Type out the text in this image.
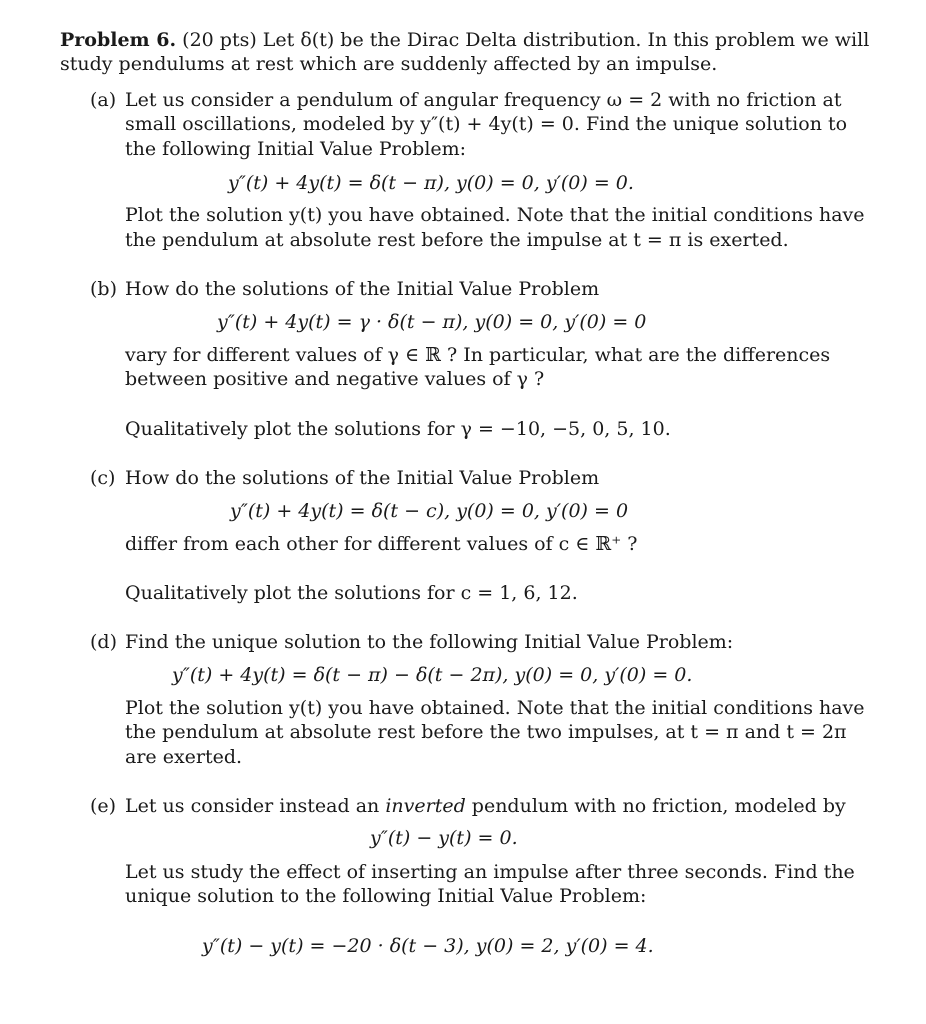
Problem 6. (20 pts) Let δ(t) be the Dirac Delta distribution. In this problem we will
study pendulums at rest which are suddenly affected by an impulse.
(a) Let us consider a pendulum of angular frequency ω = 2 with no friction at
small oscillations, modeled by y″(t) + 4y(t) = 0. Find the unique solution to
the following Initial Value Problem:
y″(t) + 4y(t) = δ(t − π), y(0) = 0, y′(0) = 0.
Plot the solution y(t) you have obtained. Note that the initial conditions have
the pendulum at absolute rest before the impulse at t = π is exerted.
(b) How do the solutions of the Initial Value Problem
y″(t) + 4y(t) = γ · δ(t − π), y(0) = 0, y′(0) = 0
vary for different values of γ ∈ ℝ ? In particular, what are the differences
between positive and negative values of γ ?
Qualitatively plot the solutions for γ = −10, −5, 0, 5, 10.
(c) How do the solutions of the Initial Value Problem
y″(t) + 4y(t) = δ(t − c), y(0) = 0, y′(0) = 0
differ from each other for different values of c ∈ ℝ⁺ ?
Qualitatively plot the solutions for c = 1, 6, 12.
(d) Find the unique solution to the following Initial Value Problem:
y″(t) + 4y(t) = δ(t − π) − δ(t − 2π), y(0) = 0, y′(0) = 0.
Plot the solution y(t) you have obtained. Note that the initial conditions have
the pendulum at absolute rest before the two impulses, at t = π and t = 2π
are exerted.
(e) Let us consider instead an inverted pendulum with no friction, modeled by
y″(t) − y(t) = 0.
Let us study the effect of inserting an impulse after three seconds. Find the
unique solution to the following Initial Value Problem:
y″(t) − y(t) = −20 · δ(t − 3), y(0) = 2, y′(0) = 4.
